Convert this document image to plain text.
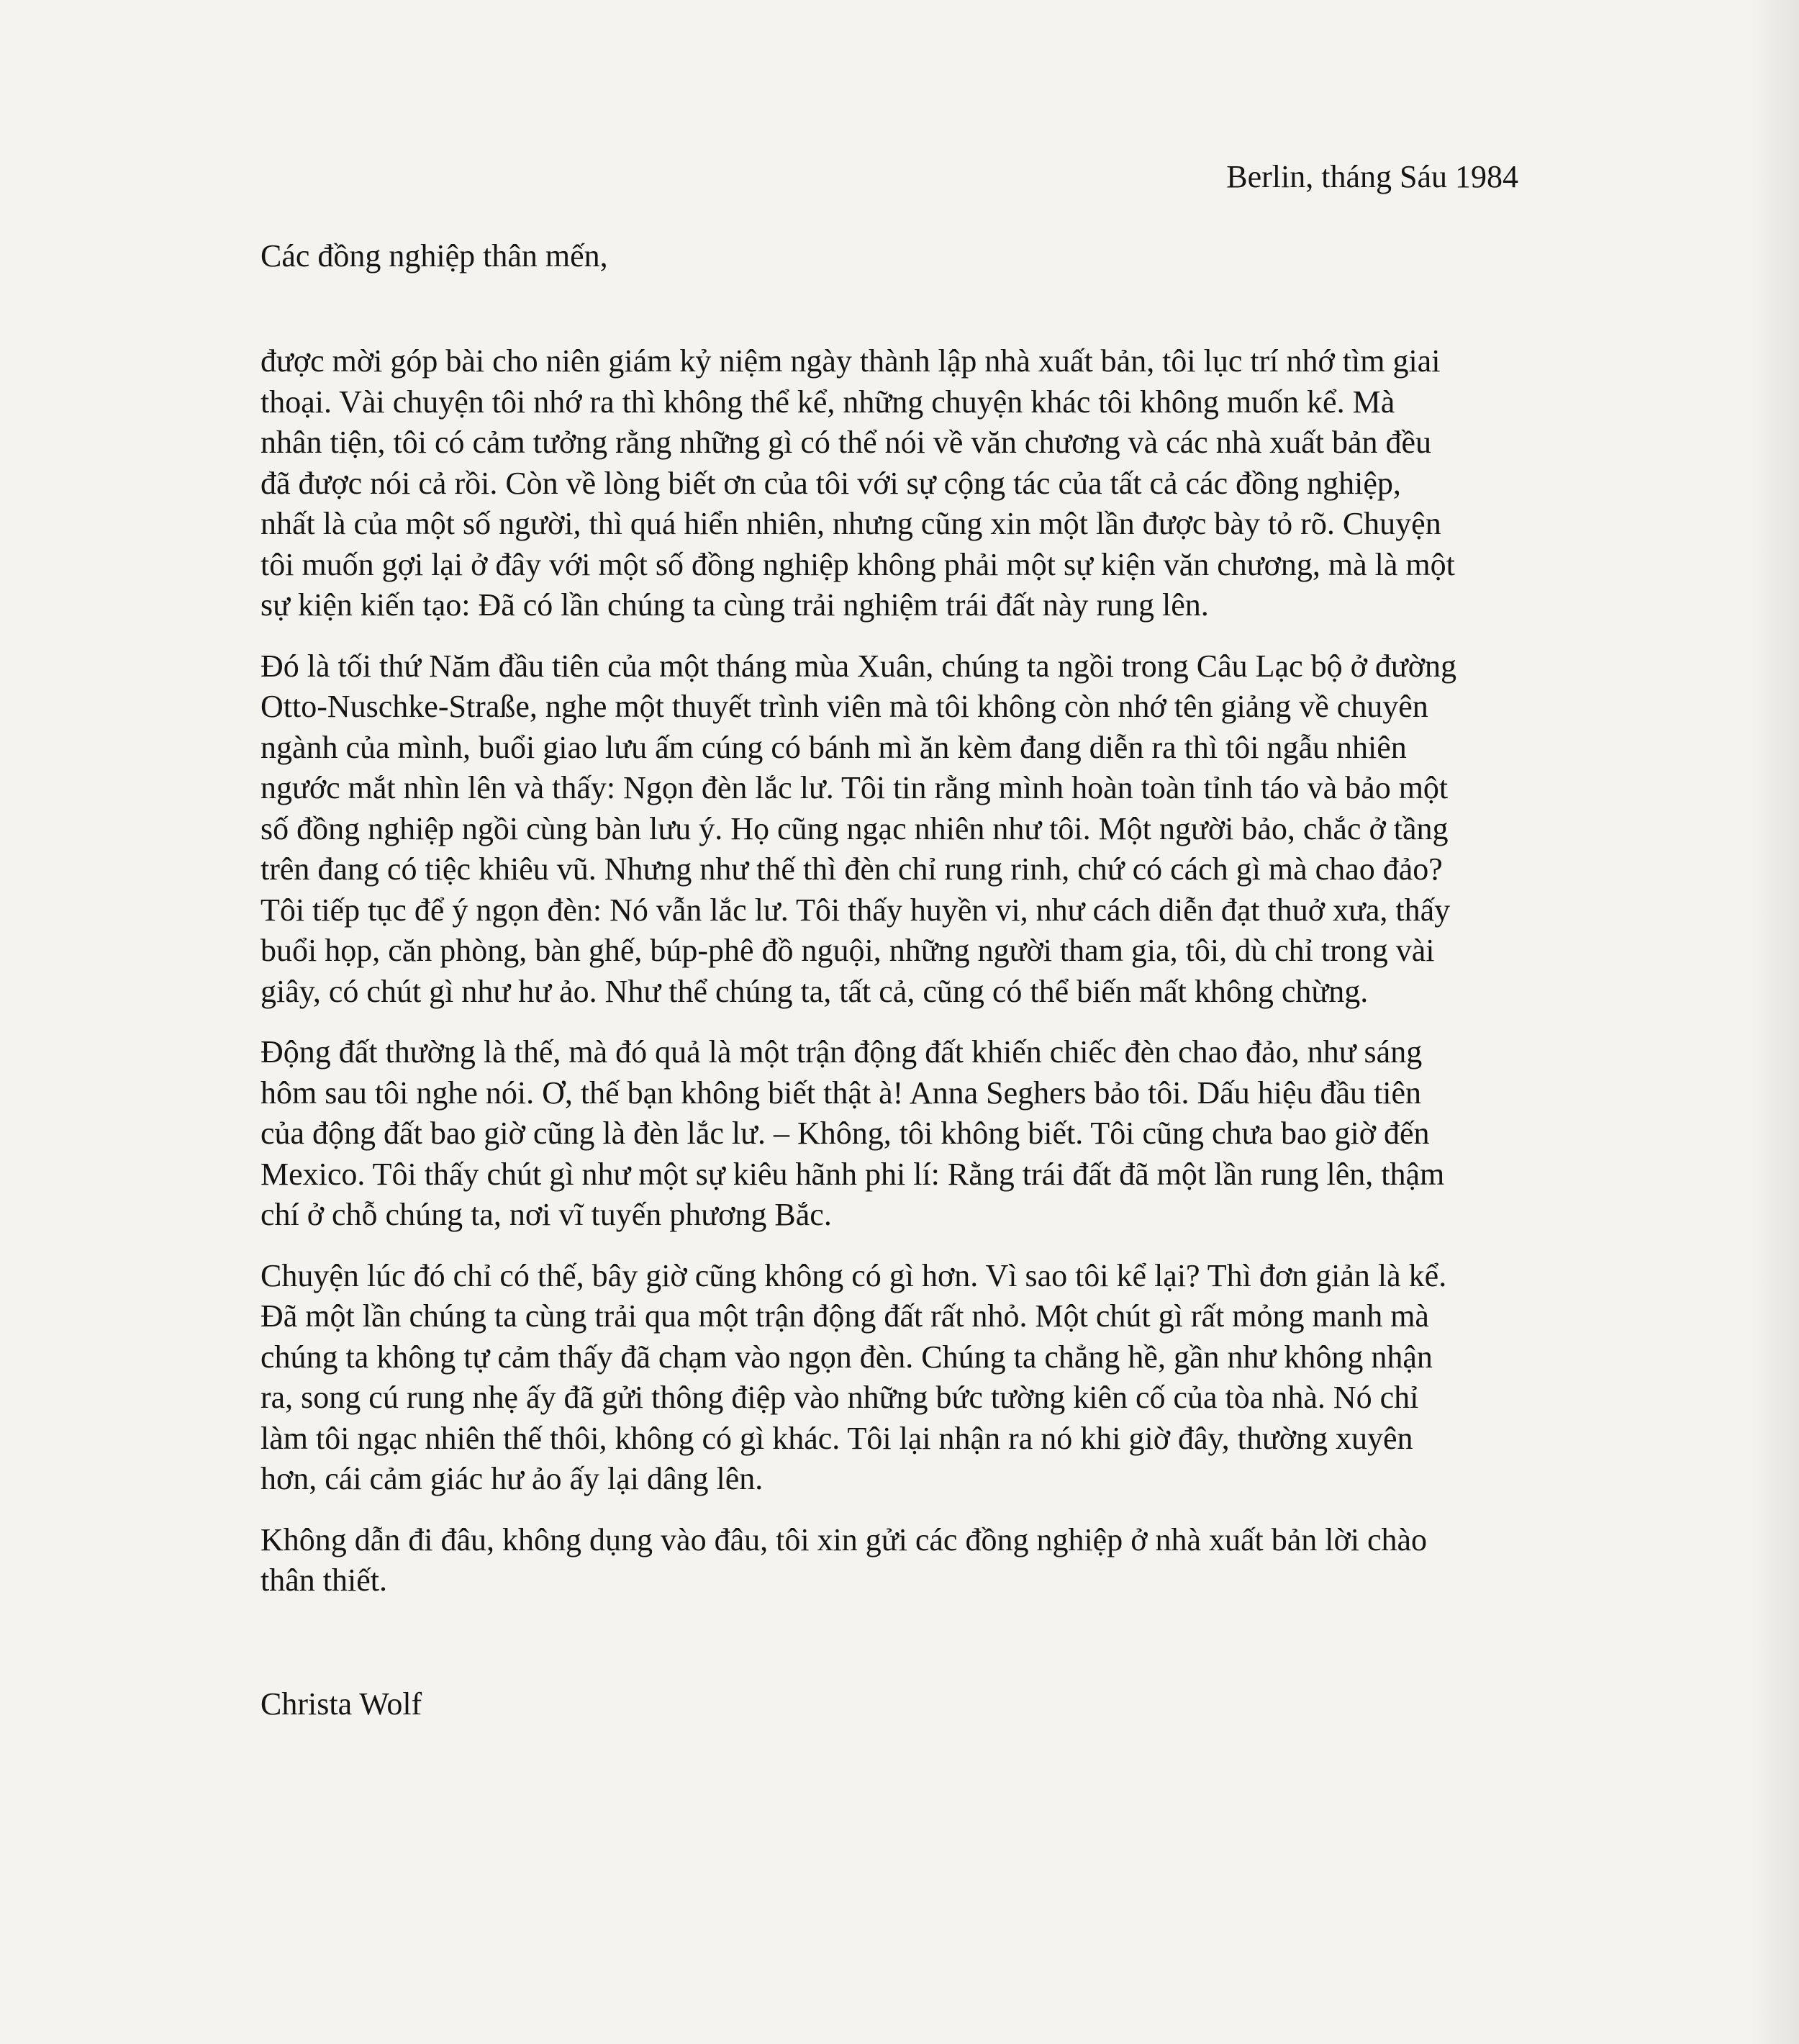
Berlin, tháng Sáu 1984
Các đồng nghiệp thân mến,

được mời góp bài cho niên giám kỷ niệm ngày thành lập nhà xuất bản, tôi lục trí nhớ tìm giai
thoại. Vài chuyện tôi nhớ ra thì không thể kể, những chuyện khác tôi không muốn kể. Mà
nhân tiện, tôi có cảm tưởng rằng những gì có thể nói về văn chương và các nhà xuất bản đều
đã được nói cả rồi. Còn về lòng biết ơn của tôi với sự cộng tác của tất cả các đồng nghiệp,
nhất là của một số người, thì quá hiển nhiên, nhưng cũng xin một lần được bày tỏ rõ. Chuyện
tôi muốn gợi lại ở đây với một số đồng nghiệp không phải một sự kiện văn chương, mà là một
sự kiện kiến tạo: Đã có lần chúng ta cùng trải nghiệm trái đất này rung lên.

Đó là tối thứ Năm đầu tiên của một tháng mùa Xuân, chúng ta ngồi trong Câu Lạc bộ ở đường
Otto-Nuschke-Straße, nghe một thuyết trình viên mà tôi không còn nhớ tên giảng về chuyên
ngành của mình, buổi giao lưu ấm cúng có bánh mì ăn kèm đang diễn ra thì tôi ngẫu nhiên
ngước mắt nhìn lên và thấy: Ngọn đèn lắc lư. Tôi tin rằng mình hoàn toàn tỉnh táo và bảo một
số đồng nghiệp ngồi cùng bàn lưu ý. Họ cũng ngạc nhiên như tôi. Một người bảo, chắc ở tầng
trên đang có tiệc khiêu vũ. Nhưng như thế thì đèn chỉ rung rinh, chứ có cách gì mà chao đảo?
Tôi tiếp tục để ý ngọn đèn: Nó vẫn lắc lư. Tôi thấy huyền vi, như cách diễn đạt thuở xưa, thấy
buổi họp, căn phòng, bàn ghế, búp-phê đồ nguội, những người tham gia, tôi, dù chỉ trong vài
giây, có chút gì như hư ảo. Như thể chúng ta, tất cả, cũng có thể biến mất không chừng.

Động đất thường là thế, mà đó quả là một trận động đất khiến chiếc đèn chao đảo, như sáng
hôm sau tôi nghe nói. Ơ, thế bạn không biết thật à! Anna Seghers bảo tôi. Dấu hiệu đầu tiên
của động đất bao giờ cũng là đèn lắc lư. – Không, tôi không biết. Tôi cũng chưa bao giờ đến
Mexico. Tôi thấy chút gì như một sự kiêu hãnh phi lí: Rằng trái đất đã một lần rung lên, thậm
chí ở chỗ chúng ta, nơi vĩ tuyến phương Bắc.

Chuyện lúc đó chỉ có thế, bây giờ cũng không có gì hơn. Vì sao tôi kể lại? Thì đơn giản là kể.
Đã một lần chúng ta cùng trải qua một trận động đất rất nhỏ. Một chút gì rất mỏng manh mà
chúng ta không tự cảm thấy đã chạm vào ngọn đèn. Chúng ta chẳng hề, gần như không nhận
ra, song cú rung nhẹ ấy đã gửi thông điệp vào những bức tường kiên cố của tòa nhà. Nó chỉ
làm tôi ngạc nhiên thế thôi, không có gì khác. Tôi lại nhận ra nó khi giờ đây, thường xuyên
hơn, cái cảm giác hư ảo ấy lại dâng lên.

Không dẫn đi đâu, không dụng vào đâu, tôi xin gửi các đồng nghiệp ở nhà xuất bản lời chào
thân thiết.

Christa Wolf
